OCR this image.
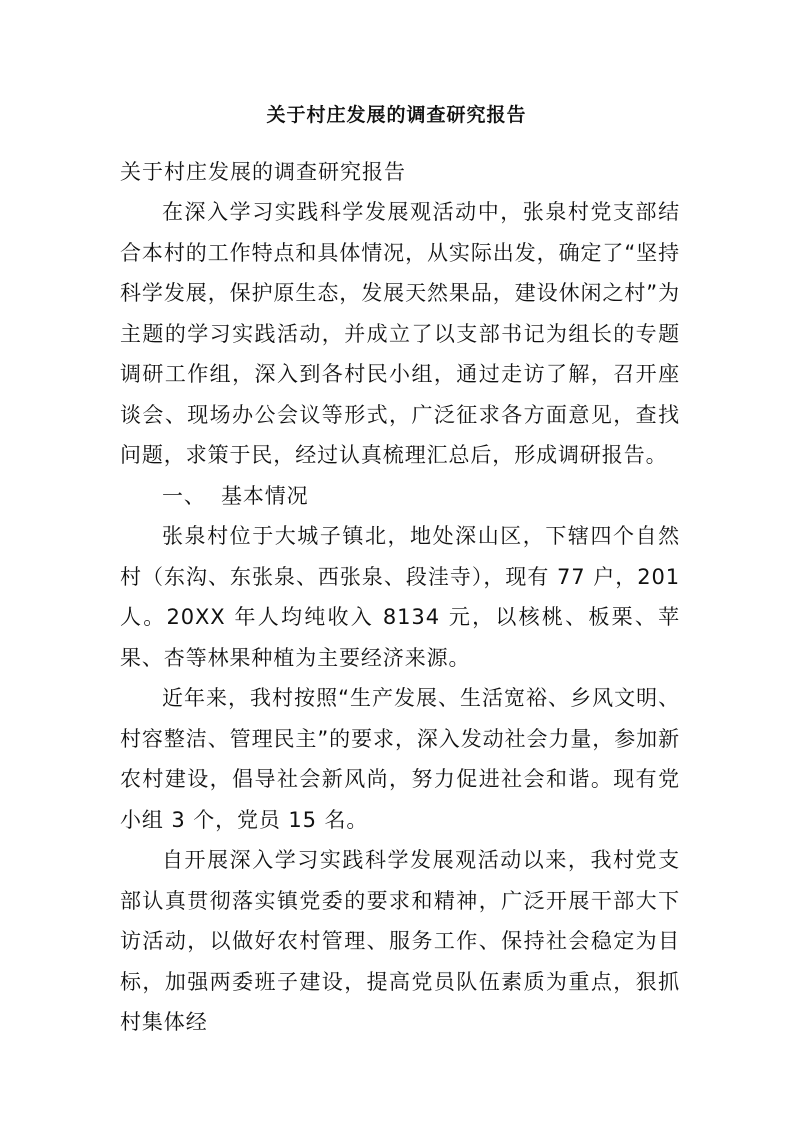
关于村庄发展的调查研究报告

关于村庄发展的调查研究报告

在深入学习实践科学发展观活动中，张泉村党支部结合本村的工作特点和具体情况，从实际出发，确定了“坚持科学发展，保护原生态，发展天然果品，建设休闲之村”为主题的学习实践活动，并成立了以支部书记为组长的专题调研工作组，深入到各村民小组，通过走访了解，召开座谈会、现场办公会议等形式，广泛征求各方面意见，查找问题，求策于民，经过认真梳理汇总后，形成调研报告。

一、  基本情况

张泉村位于大城子镇北，地处深山区，下辖四个自然村（东沟、东张泉、西张泉、段洼寺），现有 77 户，201 人。20XX 年人均纯收入 8134 元，以核桃、板栗、苹果、杏等林果种植为主要经济来源。

近年来，我村按照“生产发展、生活宽裕、乡风文明、村容整洁、管理民主”的要求，深入发动社会力量，参加新农村建设，倡导社会新风尚，努力促进社会和谐。现有党小组 3 个，党员 15 名。

自开展深入学习实践科学发展观活动以来，我村党支部认真贯彻落实镇党委的要求和精神，广泛开展干部大下访活动，以做好农村管理、服务工作、保持社会稳定为目标，加强两委班子建设，提高党员队伍素质为重点，狠抓村集体经
